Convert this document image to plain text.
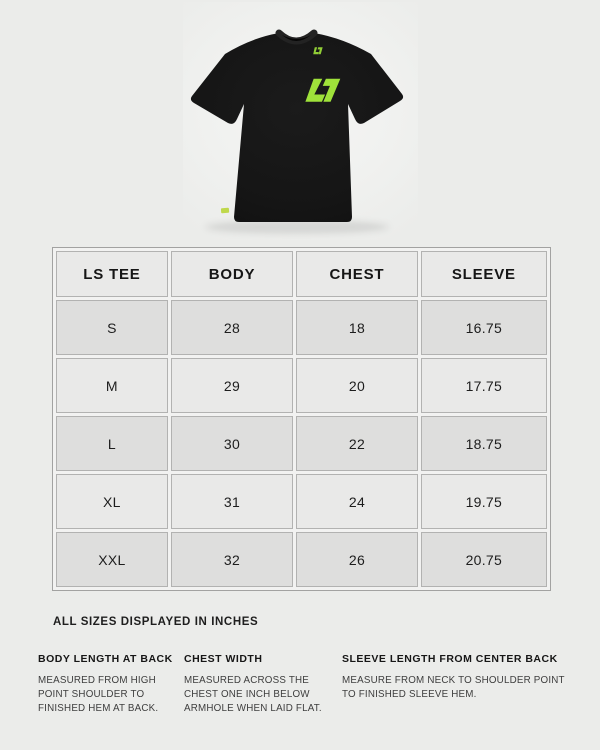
LS TEE	BODY	CHEST	SLEEVE
S	28	18	16.75
M	29	20	17.75
L	30	22	18.75
XL	31	24	19.75
XXL	32	26	20.75
ALL SIZES DISPLAYED IN INCHES
BODY LENGTH AT BACK

MEASURED FROM HIGH POINT SHOULDER TO FINISHED HEM AT BACK.

CHEST WIDTH

MEASURED ACROSS THE CHEST ONE INCH BELOW ARMHOLE WHEN LAID FLAT.

SLEEVE LENGTH FROM CENTER BACK

MEASURE FROM NECK TO SHOULDER POINT TO FINISHED SLEEVE HEM.
